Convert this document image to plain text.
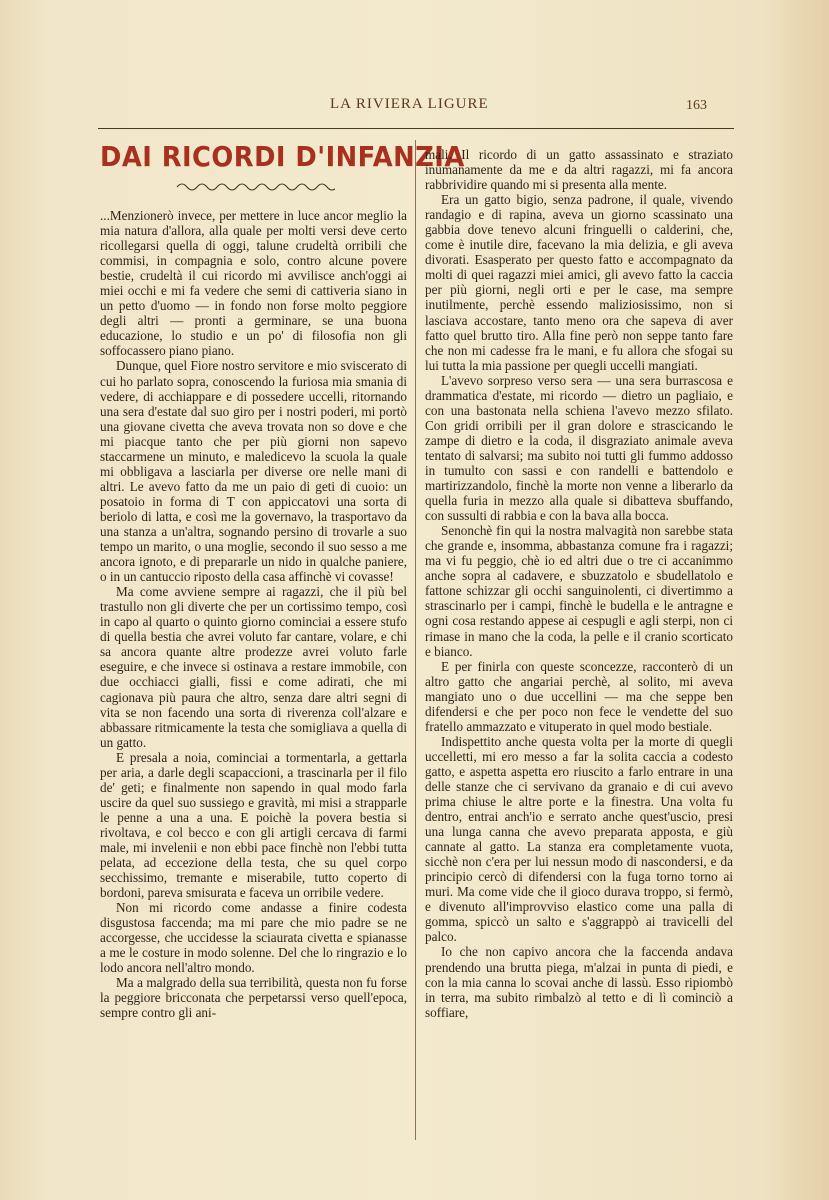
LA RIVIERA LIGURE	163
DAI RICORDI D'INFANZIA

...Menzionerò invece, per mettere in luce ancor meglio la mia natura d'allora, alla quale per molti versi deve certo ricollegarsi quella di oggi, talune crudeltà orribili che commisi, in compagnia e solo, contro alcune povere bestie, crudeltà il cui ricordo mi avvilisce anch'oggi ai miei occhi e mi fa vedere che semi di cattiveria siano in un petto d'uomo — in fondo non forse molto peggiore degli altri — pronti a germinare, se una buona educazione, lo studio e un po' di filosofia non gli soffocassero piano piano.

Dunque, quel Fiore nostro servitore e mio sviscerato di cui ho parlato sopra, conoscendo la furiosa mia smania di vedere, di acchiappare e di possedere uccelli, ritornando una sera d'estate dal suo giro per i nostri poderi, mi portò una giovane civetta che aveva trovata non so dove e che mi piacque tanto che per più giorni non sapevo staccarmene un minuto, e maledicevo la scuola la quale mi obbligava a lasciarla per diverse ore nelle mani di altri. Le avevo fatto da me un paio di geti di cuoio: un posatoio in forma di T con appiccatovi una sorta di beriolo di latta, e così me la governavo, la trasportavo da una stanza a un'altra, sognando persino di trovarle a suo tempo un marito, o una moglie, secondo il suo sesso a me ancora ignoto, e di prepararle un nido in qualche paniere, o in un cantuccio riposto della casa affinchè vi covasse!

Ma come avviene sempre ai ragazzi, che il più bel trastullo non gli diverte che per un cortissimo tempo, così in capo al quarto o quinto giorno cominciai a essere stufo di quella bestia che avrei voluto far cantare, volare, e chi sa ancora quante altre prodezze avrei voluto farle eseguire, e che invece si ostinava a restare immobile, con due occhiacci gialli, fissi e come adirati, che mi cagionava più paura che altro, senza dare altri segni di vita se non facendo una sorta di riverenza coll'alzare e abbassare ritmicamente la testa che somigliava a quella di un gatto.

E presala a noia, cominciai a tormentarla, a gettarla per aria, a darle degli scapaccioni, a trascinarla per il filo de' geti; e finalmente non sapendo in qual modo farla uscire da quel suo sussiego e gravità, mi misi a strapparle le penne a una a una. E poichè la povera bestia si rivoltava, e col becco e con gli artigli cercava di farmi male, mi invelenii e non ebbi pace finchè non l'ebbi tutta pelata, ad eccezione della testa, che su quel corpo secchissimo, tremante e miserabile, tutto coperto di bordoni, pareva smisurata e faceva un orribile vedere.

Non mi ricordo come andasse a finire codesta disgustosa faccenda; ma mi pare che mio padre se ne accorgesse, che uccidesse la sciaurata civetta e spianasse a me le costure in modo solenne. Del che lo ringrazio e lo lodo ancora nell'altro mondo.

Ma a malgrado della sua terribilità, questa non fu forse la peggiore bricconata che perpetarssi verso quell'epoca, sempre contro gli ani-

mali. Il ricordo di un gatto assassinato e straziato inumanamente da me e da altri ragazzi, mi fa ancora rabbrividire quando mi si presenta alla mente.

Era un gatto bigio, senza padrone, il quale, vivendo randagio e di rapina, aveva un giorno scassinato una gabbia dove tenevo alcuni fringuelli o calderini, che, come è inutile dire, facevano la mia delizia, e gli aveva divorati. Esasperato per questo fatto e accompagnato da molti di quei ragazzi miei amici, gli avevo fatto la caccia per più giorni, negli orti e per le case, ma sempre inutilmente, perchè essendo maliziosissimo, non si lasciava accostare, tanto meno ora che sapeva di aver fatto quel brutto tiro. Alla fine però non seppe tanto fare che non mi cadesse fra le mani, e fu allora che sfogai su lui tutta la mia passione per quegli uccelli mangiati.

L'avevo sorpreso verso sera — una sera burrascosa e drammatica d'estate, mi ricordo — dietro un pagliaio, e con una bastonata nella schiena l'avevo mezzo sfilato. Con gridi orribili per il gran dolore e strascicando le zampe di dietro e la coda, il disgraziato animale aveva tentato di salvarsi; ma subito noi tutti gli fummo addosso in tumulto con sassi e con randelli e battendolo e martirizzandolo, finchè la morte non venne a liberarlo da quella furia in mezzo alla quale si dibatteva sbuffando, con sussulti di rabbia e con la bava alla bocca.

Senonchè fin qui la nostra malvagità non sarebbe stata che grande e, insomma, abbastanza comune fra i ragazzi; ma vi fu peggio, chè io ed altri due o tre ci accanimmo anche sopra al cadavere, e sbuzzatolo e sbudellatolo e fattone schizzar gli occhi sanguinolenti, ci divertimmo a strascinarlo per i campi, finchè le budella e le antragne e ogni cosa restando appese ai cespugli e agli sterpi, non ci rimase in mano che la coda, la pelle e il cranio scorticato e bianco.

E per finirla con queste sconcezze, racconterò di un altro gatto che angariai perchè, al solito, mi aveva mangiato uno o due uccellini — ma che seppe ben difendersi e che per poco non fece le vendette del suo fratello ammazzato e vituperato in quel modo bestiale.

Indispettito anche questa volta per la morte di quegli uccelletti, mi ero messo a far la solita caccia a codesto gatto, e aspetta aspetta ero riuscito a farlo entrare in una delle stanze che ci servivano da granaio e di cui avevo prima chiuse le altre porte e la finestra. Una volta fu dentro, entrai anch'io e serrato anche quest'uscio, presi una lunga canna che avevo preparata apposta, e giù cannate al gatto. La stanza era completamente vuota, sicchè non c'era per lui nessun modo di nascondersi, e da principio cercò di difendersi con la fuga torno torno ai muri. Ma come vide che il gioco durava troppo, si fermò, e divenuto all'improvviso elastico come una palla di gomma, spiccò un salto e s'aggrappò ai travicelli del palco.

Io che non capivo ancora che la faccenda andava prendendo una brutta piega, m'alzai in punta di piedi, e con la mia canna lo scovai anche di lassù. Esso ripiombò in terra, ma subito rimbalzò al tetto e di lì cominciò a soffiare,
